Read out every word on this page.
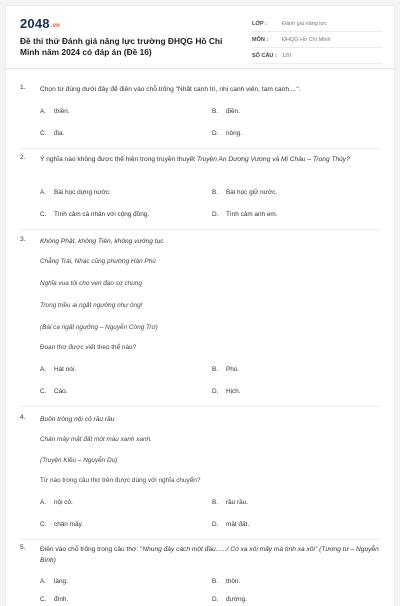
2048.vn
Đề thi thử Đánh giá năng lực trường ĐHQG Hồ Chí Minh năm 2024 có đáp án (Đề 16)
LỚP :	Đánh giá năng lực
MÔN :	ĐHQG Hồ Chí Minh
SỐ CÂU : 120
1. Chọn từ đúng dưới đây để điền vào chỗ trống "Nhất canh trì, nhị canh viên, tam canh....".
A. thiền.	B. điền.
C. địa.	D. nông.
2. Ý nghĩa nào không được thể hiện trong truyền thuyết Truyện An Dương Vương và Mị Châu – Trọng Thủy?
A. Bài học dựng nước.	B. Bài học giữ nước.
C. Tình cảm cá nhân với cộng đồng.	D. Tình cảm anh em.
3. Không Phật, không Tiên, không vướng tục
Chẳng Trái, Nhạc cũng phường Hàn Phú
Nghĩa vua tôi cho vẹn đạo sơ chung
Trong triều ai ngất ngưởng như ông!
(Bài ca ngất ngưởng – Nguyễn Công Trứ)
Đoạn thơ được viết theo thể nào?
A. Hát nói.	B. Phú.
C. Cáo.	D. Hịch.
4. Buồn trông nội cỏ rầu rầu
Chân mây mặt đất một màu xanh xanh.
(Truyện Kiều – Nguyễn Du)
Từ nào trong câu thơ trên được dùng với nghĩa chuyển?
A. nội cỏ.	B. rầu rầu.
C. chân mây.	D. mặt đất.
5. Điền vào chỗ trống trong câu thơ: "Nhung đây cách một đầu....../ Có xa xôi mấy mà tình xa xôi" (Tương tư – Nguyễn Bính)
A. làng.	B. thôn.
C. đình.	D. đường.
